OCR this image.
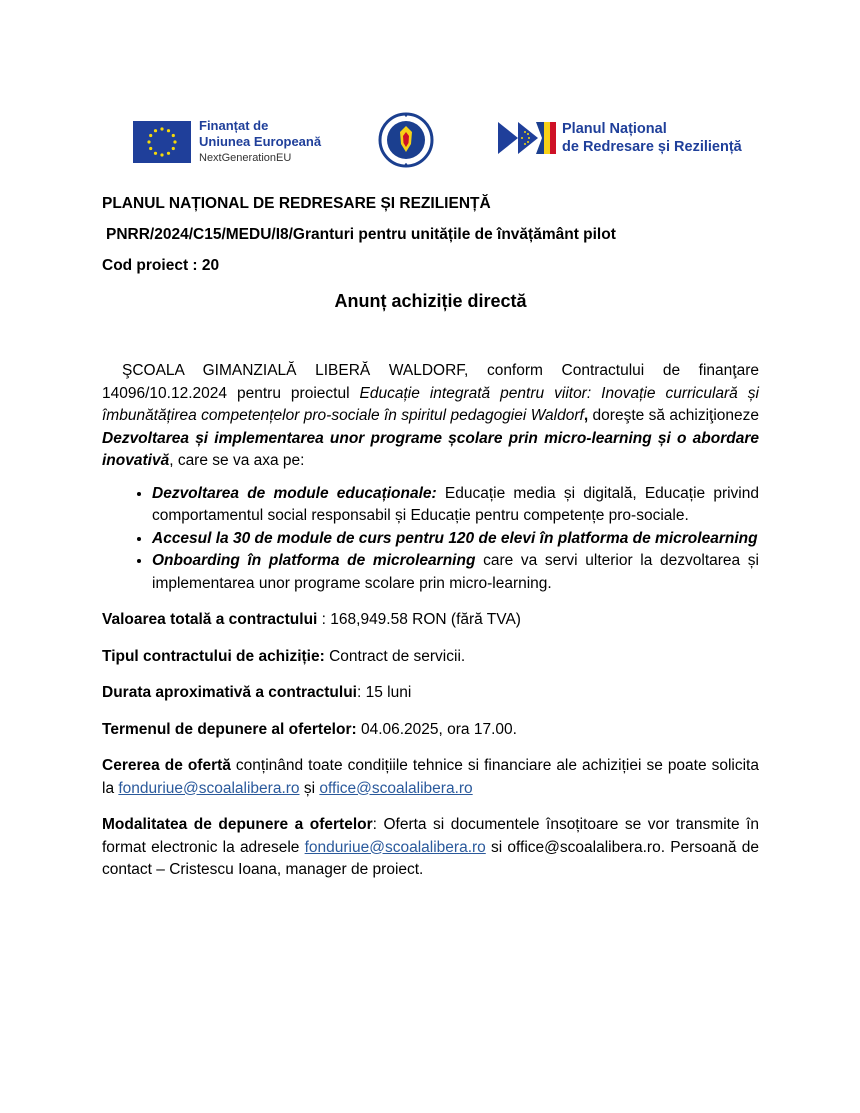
Finanțat de
Uniunea Europeană
NextGenerationEU
Planul Național
de Redresare și Reziliență

PLANUL NAȚIONAL DE REDRESARE ȘI REZILIENȚĂ

PNRR/2024/C15/MEDU/I8/Granturi pentru unitățile de învățământ pilot

Cod proiect : 20

Anunț achiziție directă

ŞCOALA GIMANZIALĂ LIBERĂ WALDORF, conform Contractului de finanţare 14096/10.12.2024 pentru proiectul Educație integrată pentru viitor: Inovație curriculară și îmbunătățirea competențelor pro-sociale în spiritul pedagogiei Waldorf, doreşte să achiziţioneze Dezvoltarea și implementarea unor programe școlare prin micro-learning și o abordare inovativă, care se va axa pe:

• Dezvoltarea de module educaționale: Educație media și digitală, Educație privind comportamentul social responsabil și Educație pentru competențe pro-sociale.
• Accesul la 30 de module de curs pentru 120 de elevi în platforma de microlearning
• Onboarding în platforma de microlearning care va servi ulterior la dezvoltarea și implementarea unor programe scolare prin micro-learning.

Valoarea totală a contractului : 168,949.58 RON (fără TVA)

Tipul contractului de achiziție: Contract de servicii.

Durata aproximativă a contractului: 15 luni

Termenul de depunere al ofertelor: 04.06.2025, ora 17.00.

Cererea de ofertă conținând toate condițiile tehnice si financiare ale achiziției se poate solicita la fonduriue@scoalalibera.ro și office@scoalalibera.ro

Modalitatea de depunere a ofertelor: Oferta si documentele însoțitoare se vor transmite în format electronic la adresele fonduriue@scoalalibera.ro si office@scoalalibera.ro. Persoană de contact – Cristescu Ioana, manager de proiect.
